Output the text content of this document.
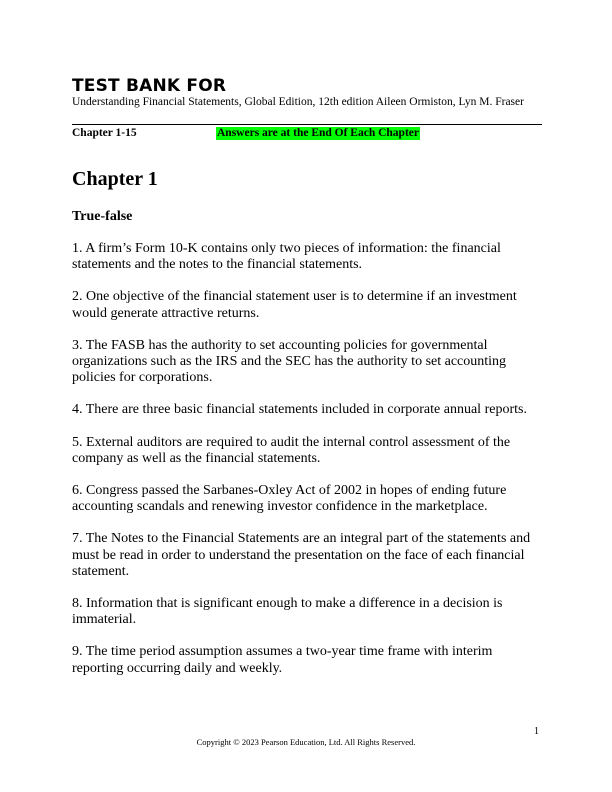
TEST BANK FOR
Understanding Financial Statements, Global Edition, 12th edition Aileen Ormiston, Lyn M. Fraser
Chapter 1-15	Answers are at the End Of Each Chapter
Chapter 1
True-false
1. A firm’s Form 10-K contains only two pieces of information: the financial statements and the notes to the financial statements.
2. One objective of the financial statement user is to determine if an investment would generate attractive returns.
3. The FASB has the authority to set accounting policies for governmental organizations such as the IRS and the SEC has the authority to set accounting policies for corporations.
4. There are three basic financial statements included in corporate annual reports.
5. External auditors are required to audit the internal control assessment of the company as well as the financial statements.
6. Congress passed the Sarbanes-Oxley Act of 2002 in hopes of ending future accounting scandals and renewing investor confidence in the marketplace.
7. The Notes to the Financial Statements are an integral part of the statements and must be read in order to understand the presentation on the face of each financial statement.
8. Information that is significant enough to make a difference in a decision is immaterial.
9. The time period assumption assumes a two-year time frame with interim reporting occurring daily and weekly.
1
Copyright © 2023 Pearson Education, Ltd. All Rights Reserved.
